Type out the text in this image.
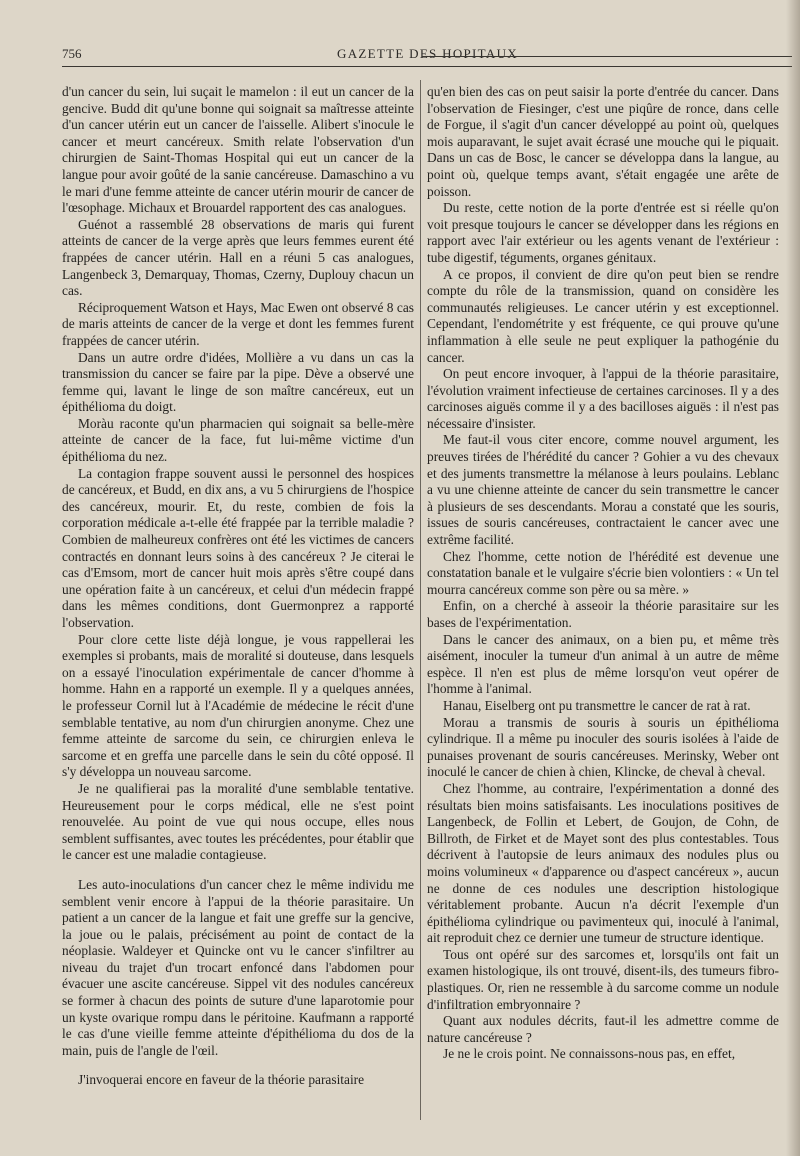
756	GAZETTE DES HOPITAUX

d'un cancer du sein, lui suçait le mamelon : il eut un cancer de la gencive. Budd dit qu'une bonne qui soignait sa maîtresse atteinte d'un cancer utérin eut un cancer de l'aisselle. Alibert s'inocule le cancer et meurt cancéreux. Smith relate l'observation d'un chirurgien de Saint-Thomas Hospital qui eut un cancer de la langue pour avoir goûté de la sanie cancéreuse. Damaschino a vu le mari d'une femme atteinte de cancer utérin mourir de cancer de l'œsophage. Michaux et Brouardel rapportent des cas analogues.

Guénot a rassemblé 28 observations de maris qui furent atteints de cancer de la verge après que leurs femmes eurent été frappées de cancer utérin. Hall en a réuni 5 cas analogues, Langenbeck 3, Demarquay, Thomas, Czerny, Duplouy chacun un cas.

Réciproquement Watson et Hays, Mac Ewen ont observé 8 cas de maris atteints de cancer de la verge et dont les femmes furent frappées de cancer utérin.

Dans un autre ordre d'idées, Mollière a vu dans un cas la transmission du cancer se faire par la pipe. Dève a observé une femme qui, lavant le linge de son maître cancéreux, eut un épithélioma du doigt.

Moràu raconte qu'un pharmacien qui soignait sa belle-mère atteinte de cancer de la face, fut lui-même victime d'un épithélioma du nez.

La contagion frappe souvent aussi le personnel des hospices de cancéreux, et Budd, en dix ans, a vu 5 chirurgiens de l'hospice des cancéreux, mourir. Et, du reste, combien de fois la corporation médicale a-t-elle été frappée par la terrible maladie ? Combien de malheureux confrères ont été les victimes de cancers contractés en donnant leurs soins à des cancéreux ? Je citerai le cas d'Emsom, mort de cancer huit mois après s'être coupé dans une opération faite à un cancéreux, et celui d'un médecin frappé dans les mêmes conditions, dont Guermonprez a rapporté l'observation.

Pour clore cette liste déjà longue, je vous rappellerai les exemples si probants, mais de moralité si douteuse, dans lesquels on a essayé l'inoculation expérimentale de cancer d'homme à homme. Hahn en a rapporté un exemple. Il y a quelques années, le professeur Cornil lut à l'Académie de médecine le récit d'une semblable tentative, au nom d'un chirurgien anonyme. Chez une femme atteinte de sarcome du sein, ce chirurgien enleva le sarcome et en greffa une parcelle dans le sein du côté opposé. Il s'y développa un nouveau sarcome.

Je ne qualifierai pas la moralité d'une semblable tentative. Heureusement pour le corps médical, elle ne s'est point renouvelée. Au point de vue qui nous occupe, elles nous semblent suffisantes, avec toutes les précédentes, pour établir que le cancer est une maladie contagieuse.

Les auto-inoculations d'un cancer chez le même individu me semblent venir encore à l'appui de la théorie parasitaire. Un patient a un cancer de la langue et fait une greffe sur la gencive, la joue ou le palais, précisément au point de contact de la néoplasie. Waldeyer et Quincke ont vu le cancer s'infiltrer au niveau du trajet d'un trocart enfoncé dans l'abdomen pour évacuer une ascite cancéreuse. Sippel vit des nodules cancéreux se former à chacun des points de suture d'une laparotomie pour un kyste ovarique rompu dans le péritoine. Kaufmann a rapporté le cas d'une vieille femme atteinte d'épithélioma du dos de la main, puis de l'angle de l'œil.

J'invoquerai encore en faveur de la théorie parasitaire

qu'en bien des cas on peut saisir la porte d'entrée du cancer. Dans l'observation de Fiesinger, c'est une piqûre de ronce, dans celle de Forgue, il s'agit d'un cancer développé au point où, quelques mois auparavant, le sujet avait écrasé une mouche qui le piquait. Dans un cas de Bosc, le cancer se développa dans la langue, au point où, quelque temps avant, s'était engagée une arête de poisson.

Du reste, cette notion de la porte d'entrée est si réelle qu'on voit presque toujours le cancer se développer dans les régions en rapport avec l'air extérieur ou les agents venant de l'extérieur : tube digestif, téguments, organes génitaux.

A ce propos, il convient de dire qu'on peut bien se rendre compte du rôle de la transmission, quand on considère les communautés religieuses. Le cancer utérin y est exceptionnel. Cependant, l'endométrite y est fréquente, ce qui prouve qu'une inflammation à elle seule ne peut expliquer la pathogénie du cancer.

On peut encore invoquer, à l'appui de la théorie parasitaire, l'évolution vraiment infectieuse de certaines carcinoses. Il y a des carcinoses aiguës comme il y a des bacilloses aiguës : il n'est pas nécessaire d'insister.

Me faut-il vous citer encore, comme nouvel argument, les preuves tirées de l'hérédité du cancer ? Gohier a vu des chevaux et des juments transmettre la mélanose à leurs poulains. Leblanc a vu une chienne atteinte de cancer du sein transmettre le cancer à plusieurs de ses descendants. Morau a constaté que les souris, issues de souris cancéreuses, contractaient le cancer avec une extrême facilité.

Chez l'homme, cette notion de l'hérédité est devenue une constatation banale et le vulgaire s'écrie bien volontiers : « Un tel mourra cancéreux comme son père ou sa mère. »

Enfin, on a cherché à asseoir la théorie parasitaire sur les bases de l'expérimentation.

Dans le cancer des animaux, on a bien pu, et même très aisément, inoculer la tumeur d'un animal à un autre de même espèce. Il n'en est plus de même lorsqu'on veut opérer de l'homme à l'animal.

Hanau, Eiselberg ont pu transmettre le cancer de rat à rat.

Morau a transmis de souris à souris un épithélioma cylindrique. Il a même pu inoculer des souris isolées à l'aide de punaises provenant de souris cancéreuses. Merinsky, Weber ont inoculé le cancer de chien à chien, Klincke, de cheval à cheval.

Chez l'homme, au contraire, l'expérimentation a donné des résultats bien moins satisfaisants. Les inoculations positives de Langenbeck, de Follin et Lebert, de Goujon, de Cohn, de Billroth, de Firket et de Mayet sont des plus contestables. Tous décrivent à l'autopsie de leurs animaux des nodules plus ou moins volumineux « d'apparence ou d'aspect cancéreux », aucun ne donne de ces nodules une description histologique véritablement probante. Aucun n'a décrit l'exemple d'un épithélioma cylindrique ou pavimenteux qui, inoculé à l'animal, ait reproduit chez ce dernier une tumeur de structure identique.

Tous ont opéré sur des sarcomes et, lorsqu'ils ont fait un examen histologique, ils ont trouvé, disent-ils, des tumeurs fibro-plastiques. Or, rien ne ressemble à du sarcome comme un nodule d'infiltration embryonnaire ?

Quant aux nodules décrits, faut-il les admettre comme de nature cancéreuse ?

Je ne le crois point. Ne connaissons-nous pas, en effet,
